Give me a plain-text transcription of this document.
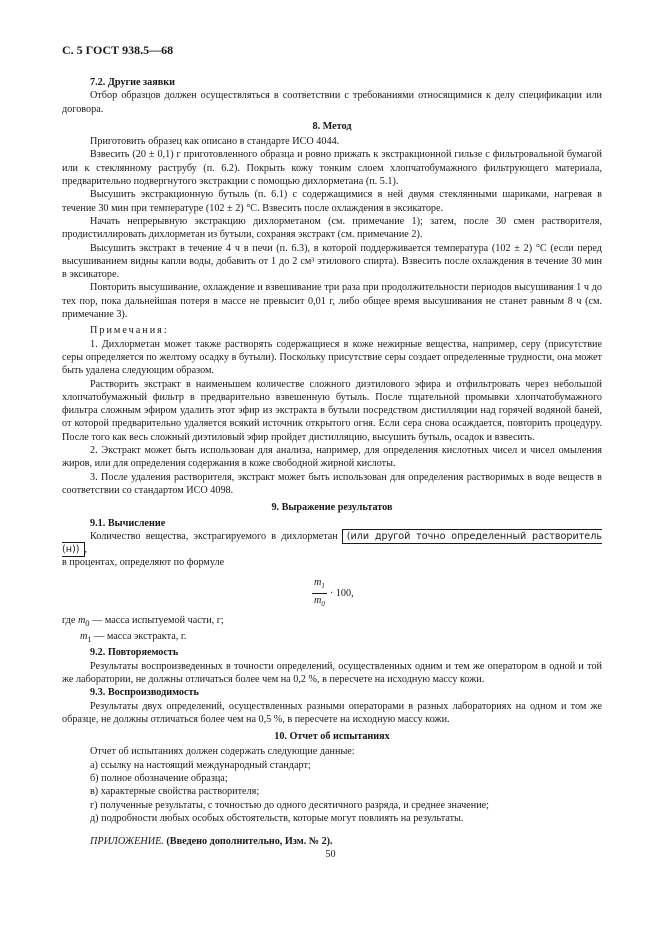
С. 5 ГОСТ 938.5—68

7.2. Другие заявки

Отбор образцов должен осуществляться в соответствии с требованиями относящимися к делу спецификации или договора.

8. Метод

Приготовить образец как описано в стандарте ИСО 4044.

Взвесить (20 ± 0,1) г приготовленного образца и ровно прижать к экстракционной гильзе с фильтровальной бумагой или к стеклянному раструбу (п. 6.2). Покрыть кожу тонким слоем хлопчатобумажного фильтрующего материала, предварительно подвергнутого экстракции с помощью дихлорметана (п. 5.1).

Высушить экстракционную бутыль (п. 6.1) с содержащимися в ней двумя стеклянными шариками, нагревая в течение 30 мин при температуре (102 ± 2) °С. Взвесить после охлаждения в эксикаторе.

Начать непрерывную экстракцию дихлорметаном (см. примечание 1); затем, после 30 смен растворителя, продистиллировать дихлорметан из бутыли, сохраняя экстракт (см. примечание 2).

Высушить экстракт в течение 4 ч в печи (п. 6.3), в которой поддерживается температура (102 ± 2) °С (если перед высушиванием видны капли воды, добавить от 1 до 2 см³ этилового спирта). Взвесить после охлаждения в течение 30 мин в эксикаторе.

Повторить высушивание, охлаждение и взвешивание три раза при продолжительности периодов высушивания 1 ч до тех пор, пока дальнейшая потеря в массе не превысит 0,01 г, либо общее время высушивания не станет равным 8 ч (см. примечание 3).

Примечания:

1. Дихлорметан может также растворять содержащиеся в коже нежирные вещества, например, серу (присутствие серы определяется по желтому осадку в бутыли). Поскольку присутствие серы создает определенные трудности, она может быть удалена следующим образом.

Растворить экстракт в наименьшем количестве сложного диэтилового эфира и отфильтровать через небольшой хлопчатобумажный фильтр в предварительно взвешенную бутыль. После тщательной промывки хлопчатобумажного фильтра сложным эфиром удалить этот эфир из экстракта в бутыли посредством дистилляции над горячей водяной баней, от которой предварительно удаляется всякий источник открытого огня. Если сера снова осаждается, повторить процедуру. После того как весь сложный диэтиловый эфир пройдет дистилляцию, высушить бутыль, осадок и взвесить.

2. Экстракт может быть использован для анализа, например, для определения кислотных чисел и чисел омыления жиров, или для определения содержания в коже свободной жирной кислоты.

3. После удаления растворителя, экстракт может быть использован для определения растворимых в воде веществ в соответствии со стандартом ИСО 4098.

9. Выражение результатов

9.1. Вычисление

Количество вещества, экстрагируемого в дихлорметан (или другой точно определенный растворитель (н)) ,

в процентах, определяют по формуле

$\frac{m_1}{m_0} \cdot 100$,

где $m_0$ — масса испытуемой части, г;

$m_1$ — масса экстракта, г.

9.2. Повторяемость

Результаты воспроизведенных в точности определений, осуществленных одним и тем же оператором в одной и той же лаборатории, не должны отличаться более чем на 0,2 %, в пересчете на исходную массу кожи.

9.3. Воспроизводимость

Результаты двух определений, осуществленных разными операторами в разных лабораториях на одном и том же образце, не должны отличаться более чем на 0,5 %, в пересчете на исходную массу кожи.

10. Отчет об испытаниях

Отчет об испытаниях должен содержать следующие данные:

а) ссылку на настоящий международный стандарт;

б) полное обозначение образца;

в) характерные свойства растворителя;

г) полученные результаты, с точностью до одного десятичного разряда, и среднее значение;

д) подробности любых особых обстоятельств, которые могут повлиять на результаты.

ПРИЛОЖЕНИЕ. (Введено дополнительно, Изм. № 2).

50
